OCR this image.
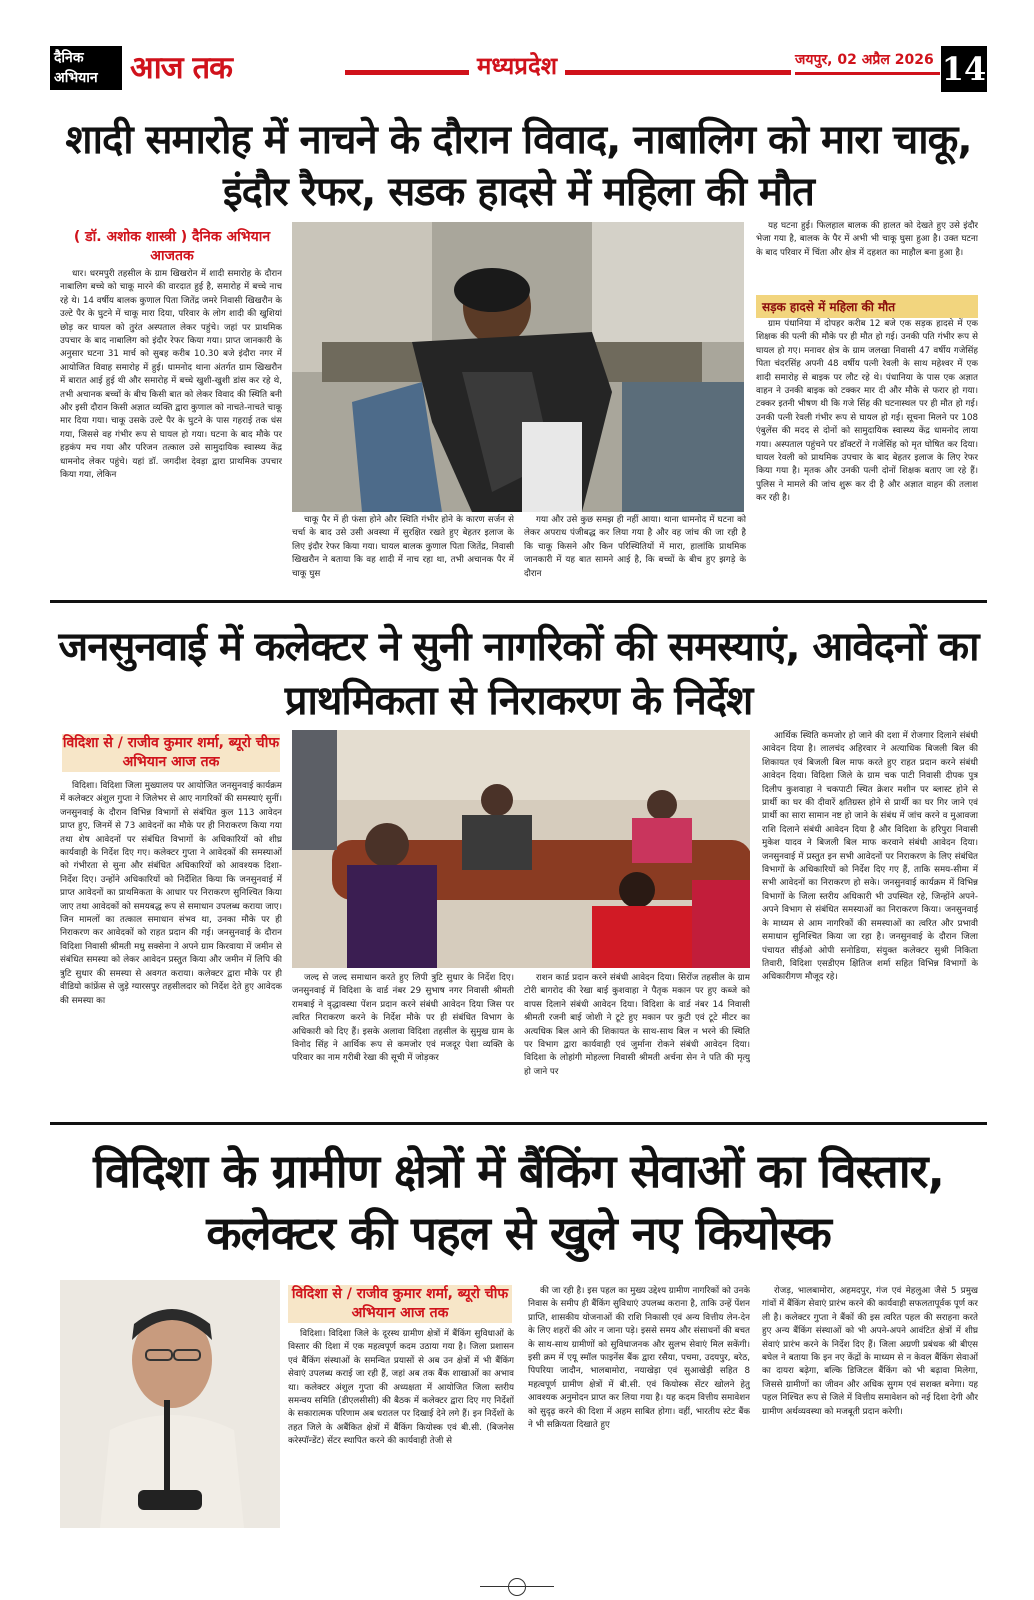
दैनिक अभियान	आज तक	मध्यप्रदेश	जयपुर, 02 अप्रैल 2026 14
शादी समारोह में नाचने के दौरान विवाद, नाबालिग को मारा चाकू, इंदौर रैफर, सडक हादसे में महिला की मौत
( डॉ. अशोक शास्त्री ) दैनिक अभियान आजतक

धार। धरमपुरी तहसील के ग्राम खिखरोन में शादी समारोह के दौरान नाबालिग बच्चे को चाकू मारने की वारदात हुई है, समारोह में बच्चे नाच रहे थे। 14 वर्षीय बालक कुणाल पिता जितेंद्र जमरे निवासी खिखरौन के उल्टे पैर के घुटने में चाकू मारा दिया, परिवार के लोग शादी की खुशियां छोड़ कर घायल को तुरंत अस्पताल लेकर पहुंचे। जहां पर प्राथमिक उपचार के बाद नाबालिग को इंदौर रेफर किया गया। प्राप्त जानकारी के अनुसार घटना 31 मार्च को सुबह करीब 10.30 बजे इंदौरा नगर में आयोजित विवाह समारोह में हुई। धामनोद थाना अंतर्गत ग्राम खिखरौन में बारात आई हुई थी और समारोह में बच्चे खुशी-खुशी डांस कर रहे थे, तभी अचानक बच्चों के बीच किसी बात को लेकर विवाद की स्थिति बनी और इसी दौरान किसी अज्ञात व्यक्ति द्वारा कुणाल को नाचते-नाचते चाकू मार दिया गया। चाकू उसके उल्टे पैर के घुटने के पास गहराई तक धंस गया, जिससे वह गंभीर रूप से घायल हो गया। घटना के बाद मौके पर हड़कंप मच गया और परिजन तत्काल उसे सामुदायिक स्वास्थ्य केंद्र धामनोद लेकर पहुंचे। यहां डॉ. जगदीश देवड़ा द्वारा प्राथमिक उपचार किया गया, लेकिन

चाकू पैर में ही फंसा होने और स्थिति गंभीर होने के कारण सर्जन से चर्चा के बाद उसे उसी अवस्था में सुरक्षित रखते हुए बेहतर इलाज के लिए इंदौर रेफर किया गया। घायल बालक कुणाल पिता जितेंद्र, निवासी खिखरौन ने बताया कि वह शादी में नाच रहा था, तभी अचानक पैर में चाकू घुस

गया और उसे कुछ समझ ही नहीं आया। थाना धामनोद में घटना को लेकर अपराध पंजीबद्ध कर लिया गया है और वह जांच की जा रही है कि चाकू किसने और किन परिस्थितियों में मारा, हालांकि प्राथमिक जानकारी में यह बात सामने आई है, कि बच्चों के बीच हुए झगड़े के दौरान

यह घटना हुई। फिलहाल बालक की हालत को देखते हुए उसे इंदौर भेजा गया है, बालक के पैर में अभी भी चाकू घुसा हुआ है। उक्त घटना के बाद परिवार में चिंता और क्षेत्र में दहशत का माहौल बना हुआ है।

सड़क हादसे में महिला की मौत

ग्राम पंधानिया में दोपहर करीब 12 बजे एक सड़क हादसे में एक शिक्षक की पत्नी की मौके पर ही मौत हो गई। उनकी पति गंभीर रूप से घायल हो गए। मनावर क्षेत्र के ग्राम जलखा निवासी 47 वर्षीय गजेसिंह पिता चंदरसिंह अपनी 48 वर्षीय पत्नी रेवली के साथ महेश्वर में एक शादी समारोह से बाइक पर लौट रहे थे। पंधानिया के पास एक अज्ञात वाहन ने उनकी बाइक को टक्कर मार दी और मौके से फरार हो गया। टक्कर इतनी भीषण थी कि गजे सिंह की घटनास्थल पर ही मौत हो गई। उनकी पत्नी रेवली गंभीर रूप से घायल हो गई। सूचना मिलने पर 108 एंबुलेंस की मदद से दोनों को सामुदायिक स्वास्थ्य केंद्र धामनोद लाया गया। अस्पताल पहुंचने पर डॉक्टरों ने गजेसिंह को मृत घोषित कर दिया। घायल रेवली को प्राथमिक उपचार के बाद बेहतर इलाज के लिए रेफर किया गया है। मृतक और उनकी पत्नी दोनों शिक्षक बताए जा रहे हैं। पुलिस ने मामले की जांच शुरू कर दी है और अज्ञात वाहन की तलाश कर रही है।

जनसुनवाई में कलेक्टर ने सुनी नागरिकों की समस्याएं, आवेदनों का प्राथमिकता से निराकरण के निर्देश
विदिशा से / राजीव कुमार शर्मा, ब्यूरो चीफ अभियान आज तक

विदिशा। विदिशा जिला मुख्यालय पर आयोजित जनसुनवाई कार्यक्रम में कलेक्टर अंशुल गुप्ता ने जिलेभर से आए नागरिकों की समस्याएं सुनीं। जनसुनवाई के दौरान विभिन्न विभागों से संबंधित कुल 113 आवेदन प्राप्त हुए, जिनमें से 73 आवेदनों का मौके पर ही निराकरण किया गया तथा शेष आवेदनों पर संबंधित विभागों के अधिकारियों को शीघ्र कार्यवाही के निर्देश दिए गए। कलेक्टर गुप्ता ने आवेदकों की समस्याओं को गंभीरता से सुना और संबंधित अधिकारियों को आवश्यक दिशा-निर्देश दिए। उन्होंने अधिकारियों को निर्देशित किया कि जनसुनवाई में प्राप्त आवेदनों का प्राथमिकता के आधार पर निराकरण सुनिश्चित किया जाए तथा आवेदकों को समयबद्ध रूप से समाधान उपलब्ध कराया जाए। जिन मामलों का तत्काल समाधान संभव था, उनका मौके पर ही निराकरण कर आवेदकों को राहत प्रदान की गई। जनसुनवाई के दौरान विदिशा निवासी श्रीमती मधु सक्सेना ने अपने ग्राम किरवाया में जमीन से संबंधित समस्या को लेकर आवेदन प्रस्तुत किया और जमीन में लिपि की त्रुटि सुधार की समस्या से अवगत कराया। कलेक्टर द्वारा मौके पर ही वीडियो कांफ्रेंस से जुड़े ग्यारसपुर तहसीलदार को निर्देश देते हुए आवेदक की समस्या का

जल्द से जल्द समाधान करते हुए लिपी त्रुटि सुधार के निर्देश दिए। जनसुनवाई में विदिशा के वार्ड नंबर 29 सुभाष नगर निवासी श्रीमती रामबाई ने वृद्धावस्था पेंशन प्रदान करने संबंधी आवेदन दिया जिस पर त्वरित निराकरण करने के निर्देश मौके पर ही संबंधित विभाग के अधिकारी को दिए हैं। इसके अलावा विदिशा तहसील के सुमुख ग्राम के विनोद सिंह ने आर्थिक रूप से कमजोर एवं मजदूर पेशा व्यक्ति के परिवार का नाम गरीबी रेखा की सूची में जोड़कर

राशन कार्ड प्रदान करने संबंधी आवेदन दिया। सिरोंज तहसील के ग्राम टोरी बागरोद की रेखा बाई कुशवाहा ने पैतृक मकान पर हुए कब्जे को वापस दिलाने संबंधी आवेदन दिया। विदिशा के वार्ड नंबर 14 निवासी श्रीमती रजनी बाई जोशी ने टूटे हुए मकान पर कुटी एवं टूटे मीटर का अत्यधिक बिल आने की शिकायत के साथ-साथ बिल न भरने की स्थिति पर विभाग द्वारा कार्यवाही एवं जुर्माना रोकने संबंधी आवेदन दिया। विदिशा के लोहांगी मोहल्ला निवासी श्रीमती अर्चना सेन ने पति की मृत्यु हो जाने पर

आर्थिक स्थिति कमजोर हो जाने की दशा में रोजगार दिलाने संबंधी आवेदन दिया है। लालचंद अहिरवार ने अत्याधिक बिजली बिल की शिकायत एवं बिजली बिल माफ करते हुए राहत प्रदान करने संबंधी आवेदन दिया। विदिशा जिले के ग्राम चक पाटी निवासी दीपक पुत्र दिलीप कुशवाहा ने चकपाटी स्थित क्रेशर मशीन पर ब्लास्ट होने से प्रार्थी का घर की दीवारें क्षतिग्रस्त होने से प्रार्थी का घर गिर जाने एवं प्रार्थी का सारा सामान नष्ट हो जाने के संबंध में जांच करने व मुआवजा राशि दिलाने संबंधी आवेदन दिया है और विदिशा के हरिपुरा निवासी मुकेश यादव ने बिजली बिल माफ करवाने संबंधी आवेदन दिया। जनसुनवाई में प्रस्तुत इन सभी आवेदनों पर निराकरण के लिए संबंधित विभागों के अधिकारियों को निर्देश दिए गए हैं, ताकि समय-सीमा में सभी आवेदनों का निराकरण हो सके। जनसुनवाई कार्यक्रम में विभिन्न विभागों के जिला स्तरीय अधिकारी भी उपस्थित रहे, जिन्होंने अपने-अपने विभाग से संबंधित समस्याओं का निराकरण किया। जनसुनवाई के माध्यम से आम नागरिकों की समस्याओं का त्वरित और प्रभावी समाधान सुनिश्चित किया जा रहा है। जनसुनवाई के दौरान जिला पंचायत सीईओ ओपी सनोडिया, संयुक्त कलेक्टर सुश्री निकिता तिवारी, विदिशा एसडीएम क्षितिज शर्मा सहित विभिन्न विभागों के अधिकारीगण मौजूद रहे।

विदिशा के ग्रामीण क्षेत्रों में बैंकिंग सेवाओं का विस्तार, कलेक्टर की पहल से खुले नए कियोस्क
विदिशा से / राजीव कुमार शर्मा, ब्यूरो चीफ अभियान आज तक

विदिशा। विदिशा जिले के दूरस्थ ग्रामीण क्षेत्रों में बैंकिंग सुविधाओं के विस्तार की दिशा में एक महत्वपूर्ण कदम उठाया गया है। जिला प्रशासन एवं बैंकिंग संस्थाओं के समन्वित प्रयासों से अब उन क्षेत्रों में भी बैंकिंग सेवाएं उपलब्ध कराई जा रही हैं, जहां अब तक बैंक शाखाओं का अभाव था। कलेक्टर अंशुल गुप्ता की अध्यक्षता में आयोजित जिला स्तरीय समन्वय समिति (डीएलसीसी) की बैठक में कलेक्टर द्वारा दिए गए निर्देशों के सकारात्मक परिणाम अब धरातल पर दिखाई देने लगे हैं। इन निर्देशों के तहत जिले के अबैंकित क्षेत्रों में बैंकिंग कियोस्क एवं बी.सी. (बिजनेस करेस्पॉन्डेंट) सेंटर स्थापित करने की कार्यवाही तेजी से

की जा रही है। इस पहल का मुख्य उद्देश्य ग्रामीण नागरिकों को उनके निवास के समीप ही बैंकिंग सुविधाएं उपलब्ध कराना है, ताकि उन्हें पेंशन प्राप्ति, शासकीय योजनाओं की राशि निकासी एवं अन्य वित्तीय लेन-देन के लिए शहरों की ओर न जाना पड़े। इससे समय और संसाधनों की बचत के साथ-साथ ग्रामीणों को सुविधाजनक और सुलभ सेवाएं मिल सकेंगी। इसी क्रम में एयू स्मॉल फाइनेंस बैंक द्वारा रसैया, पचमा, उदयपुर, बरेठ, पिपरिया जादौन, भालबामोरा, नयाखेड़ा एवं सुआखेड़ी सहित 8 महत्वपूर्ण ग्रामीण क्षेत्रों में बी.सी. एवं कियोस्क सेंटर खोलने हेतु आवश्यक अनुमोदन प्राप्त कर लिया गया है। यह कदम वित्तीय समावेशन को सुदृढ़ करने की दिशा में अहम साबित होगा। वहीं, भारतीय स्टेट बैंक ने भी सक्रियता दिखाते हुए

रोजड़, भालबामोरा, अहमदपुर, गंज एवं मेहलुआ जैसे 5 प्रमुख गांवों में बैंकिंग सेवाएं प्रारंभ करने की कार्यवाही सफलतापूर्वक पूर्ण कर ली है। कलेक्टर गुप्ता ने बैंकों की इस त्वरित पहल की सराहना करते हुए अन्य बैंकिंग संस्थाओं को भी अपने-अपने आवंटित क्षेत्रों में शीघ्र सेवाएं प्रारंभ करने के निर्देश दिए हैं। जिला अग्रणी प्रबंधक श्री बीएस बघेल ने बताया कि इन नए केंद्रों के माध्यम से न केवल बैंकिंग सेवाओं का दायरा बढ़ेगा, बल्कि डिजिटल बैंकिंग को भी बढ़ावा मिलेगा, जिससे ग्रामीणों का जीवन और अधिक सुगम एवं सशक्त बनेगा। यह पहल निश्चित रूप से जिले में वित्तीय समावेशन को नई दिशा देगी और ग्रामीण अर्थव्यवस्था को मजबूती प्रदान करेगी।
